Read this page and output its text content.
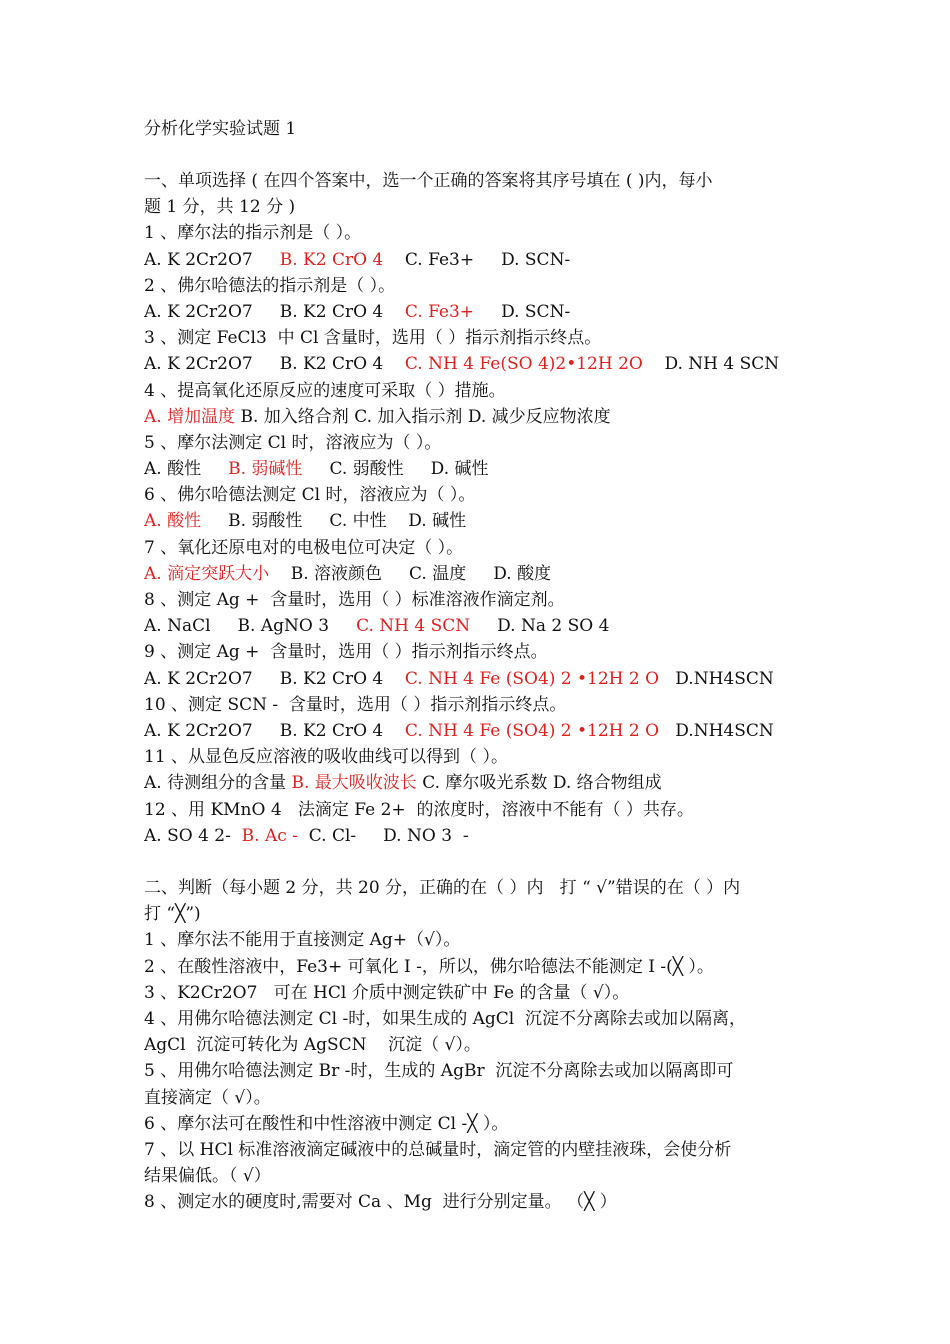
分析化学实验试题 1
一、单项选择 ( 在四个答案中，选一个正确的答案将其序号填在 ( )内，每小
题 1 分，共 12 分 )
1 、摩尔法的指示剂是（ ）。
A. K 2Cr2O7     B. K2 CrO 4    C. Fe3+     D. SCN-
2 、佛尔哈德法的指示剂是（ ）。
A. K 2Cr2O7     B. K2 CrO 4    C. Fe3+     D. SCN-
3 、测定 FeCl3  中 Cl 含量时，选用（ ）指示剂指示终点。
A. K 2Cr2O7     B. K2 CrO 4    C. NH 4 Fe(SO 4)2•12H 2O    D. NH 4 SCN
4 、提高氧化还原反应的速度可采取（ ）措施。
A. 增加温度 B. 加入络合剂 C. 加入指示剂 D. 减少反应物浓度
5 、摩尔法测定 Cl 时，溶液应为（ ）。
A. 酸性     B. 弱碱性     C. 弱酸性     D. 碱性
6 、佛尔哈德法测定 Cl 时，溶液应为（ ）。
A. 酸性     B. 弱酸性     C. 中性    D. 碱性
7 、氧化还原电对的电极电位可决定（ ）。
A. 滴定突跃大小    B. 溶液颜色     C. 温度     D. 酸度
8 、测定 Ag +  含量时，选用（ ）标准溶液作滴定剂。
A. NaCl     B. AgNO 3     C. NH 4 SCN     D. Na 2 SO 4
9 、测定 Ag +  含量时，选用（ ）指示剂指示终点。
A. K 2Cr2O7     B. K2 CrO 4    C. NH 4 Fe (SO4) 2 •12H 2 O   D.NH4SCN
10 、测定 SCN -  含量时，选用（ ）指示剂指示终点。
A. K 2Cr2O7     B. K2 CrO 4    C. NH 4 Fe (SO4) 2 •12H 2 O   D.NH4SCN
11 、从显色反应溶液的吸收曲线可以得到（ ）。
A. 待测组分的含量 B. 最大吸收波长 C. 摩尔吸光系数 D. 络合物组成
12 、用 KMnO 4   法滴定 Fe 2+  的浓度时，溶液中不能有（ ）共存。
A. SO 4 2-  B. Ac -  C. Cl-     D. NO 3  -
二、判断（每小题 2 分，共 20 分，正确的在（ ）内   打 “ √”错误的在（ ）内
打 “╳”)
1 、摩尔法不能用于直接测定 Ag+（√）。
2 、在酸性溶液中，Fe3+ 可氧化 I -，所以，佛尔哈德法不能测定 I -(╳ ）。
3 、K2Cr2O7   可在 HCl 介质中测定铁矿中 Fe 的含量（ √）。
4 、用佛尔哈德法测定 Cl -时，如果生成的 AgCl  沉淀不分离除去或加以隔离，
AgCl  沉淀可转化为 AgSCN    沉淀（ √）。
5 、用佛尔哈德法测定 Br -时，生成的 AgBr  沉淀不分离除去或加以隔离即可
直接滴定（ √）。
6 、摩尔法可在酸性和中性溶液中测定 Cl -╳ ）。
7 、以 HCl 标准溶液滴定碱液中的总碱量时，滴定管的内壁挂液珠，会使分析
结果偏低。（ √）
8 、测定水的硬度时,需要对 Ca 、Mg  进行分别定量。 （╳ ）
